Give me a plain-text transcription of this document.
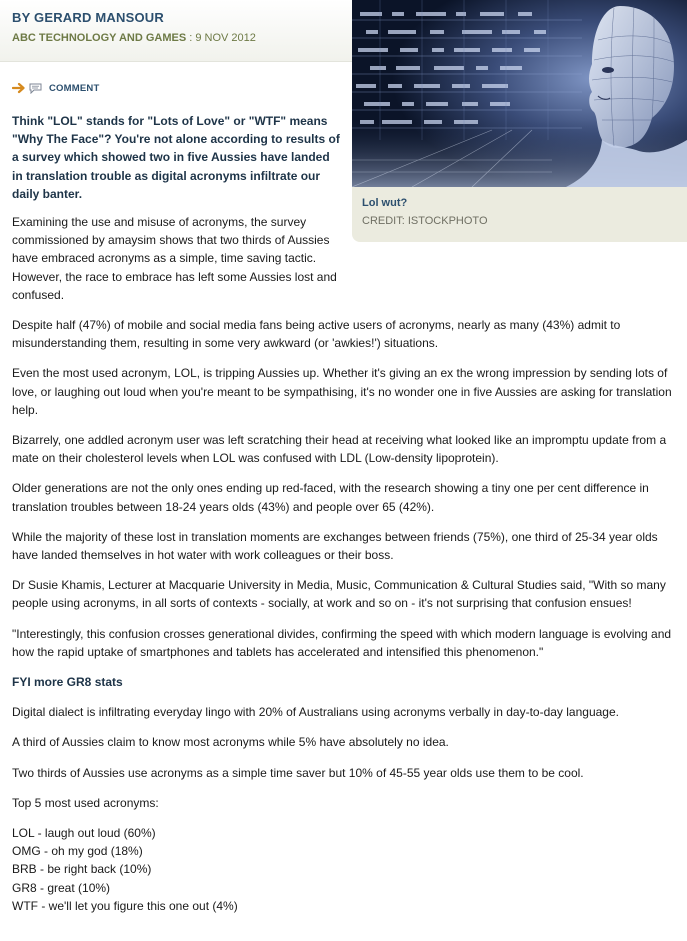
BY GERARD MANSOUR
ABC TECHNOLOGY AND GAMES : 9 NOV 2012
COMMENT
Think "LOL" stands for "Lots of Love" or "WTF" means "Why The Face"? You're not alone according to results of a survey which showed two in five Aussies have landed in translation trouble as digital acronyms infiltrate our daily banter.
Examining the use and misuse of acronyms, the survey commissioned by amaysim shows that two thirds of Aussies have embraced acronyms as a simple, time saving tactic. However, the race to embrace has left some Aussies lost and confused.

Despite half (47%) of mobile and social media fans being active users of acronyms, nearly as many (43%) admit to misunderstanding them, resulting in some very awkward (or 'awkies!') situations.

Even the most used acronym, LOL, is tripping Aussies up. Whether it's giving an ex the wrong impression by sending lots of love, or laughing out loud when you're meant to be sympathising, it's no wonder one in five Aussies are asking for translation help.

Bizarrely, one addled acronym user was left scratching their head at receiving what looked like an impromptu update from a mate on their cholesterol levels when LOL was confused with LDL (Low-density lipoprotein).

Older generations are not the only ones ending up red-faced, with the research showing a tiny one per cent difference in translation troubles between 18-24 years olds (43%) and people over 65 (42%).

While the majority of these lost in translation moments are exchanges between friends (75%), one third of 25-34 year olds have landed themselves in hot water with work colleagues or their boss.

Dr Susie Khamis, Lecturer at Macquarie University in Media, Music, Communication & Cultural Studies said, "With so many people using acronyms, in all sorts of contexts - socially, at work and so on - it's not surprising that confusion ensues!

"Interestingly, this confusion crosses generational divides, confirming the speed with which modern language is evolving and how the rapid uptake of smartphones and tablets has accelerated and intensified this phenomenon."

FYI more GR8 stats

Digital dialect is infiltrating everyday lingo with 20% of Australians using acronyms verbally in day-to-day language.

A third of Aussies claim to know most acronyms while 5% have absolutely no idea.

Two thirds of Aussies use acronyms as a simple time saver but 10% of 45-55 year olds use them to be cool.

Top 5 most used acronyms:

LOL - laugh out loud (60%)
OMG - oh my god (18%)
BRB - be right back (10%)
GR8 - great (10%)
WTF - we'll let you figure this one out (4%)
Lol wut?
CREDIT: ISTOCKPHOTO
